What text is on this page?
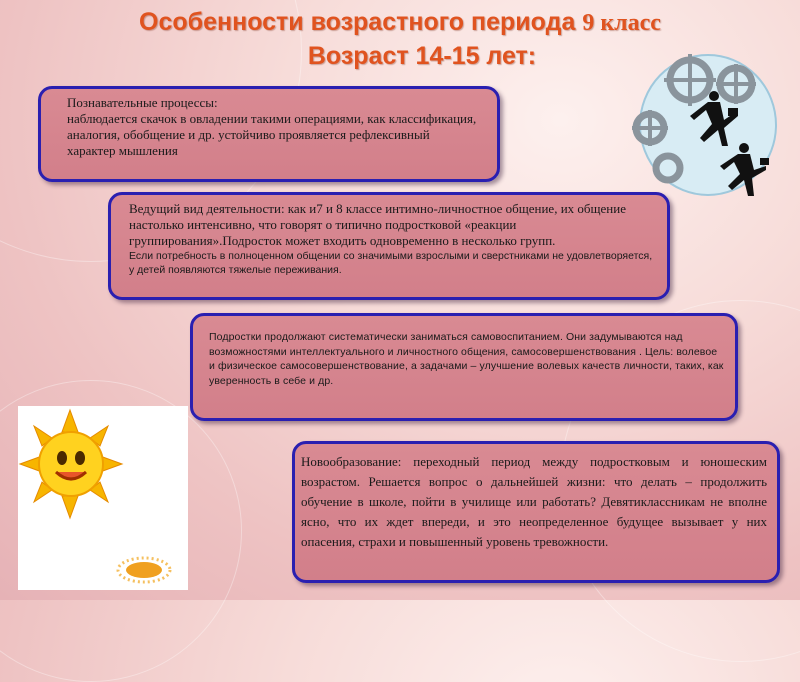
Особенности возрастного периода 9 класс
Возраст 14-15 лет:
Познавательные процессы:
наблюдается скачок в овладении такими операциями, как классификация, аналогия, обобщение и др. устойчиво проявляется рефлексивный характер мышления
Ведущий вид деятельности: как и7 и 8 классе интимно-личностное общение, их общение настолько интенсивно, что говорят о типично подростковой «реакции группирования».Подросток может входить одновременно в несколько групп.
Если потребность в полноценном общении со значимыми взрослыми и сверстниками не удовлетворяется, у детей появляются тяжелые переживания.
Подростки продолжают систематически заниматься самовоспитанием. Они задумываются над возможностями интеллектуального и личностного общения, самосовершенствования . Цель: волевое и физическое самосовершенствование, а задачами – улучшение волевых качеств личности, таких, как уверенность в себе и др.
Новообразование: переходный период между подростковым и юношеским возрастом. Решается вопрос о дальнейшей жизни: что делать – продолжить обучение в школе, пойти в училище или работать? Девятиклассникам не вполне ясно, что их ждет впереди, и это неопределенное будущее вызывает у них опасения, страхи и повышенный уровень тревожности.
